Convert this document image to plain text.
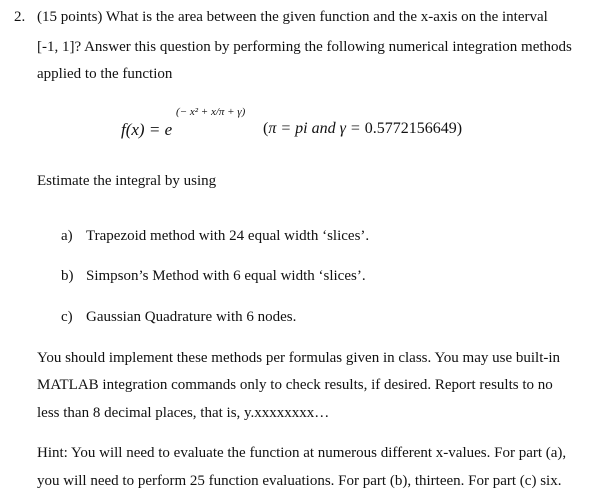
2. (15 points) What is the area between the given function and the x-axis on the interval
[-1, 1]? Answer this question by performing the following numerical integration methods
applied to the function
f(x) = e
(− x² + x/π + γ)
(π = pi and γ = 0.5772156649)
Estimate the integral by using
a) Trapezoid method with 24 equal width ‘slices’.
b) Simpson’s Method with 6 equal width ‘slices’.
c) Gaussian Quadrature with 6 nodes.
You should implement these methods per formulas given in class. You may use built-in
MATLAB integration commands only to check results, if desired. Report results to no
less than 8 decimal places, that is, y.xxxxxxxx…
Hint: You will need to evaluate the function at numerous different x-values. For part (a),
you will need to perform 25 function evaluations. For part (b), thirteen. For part (c) six.
